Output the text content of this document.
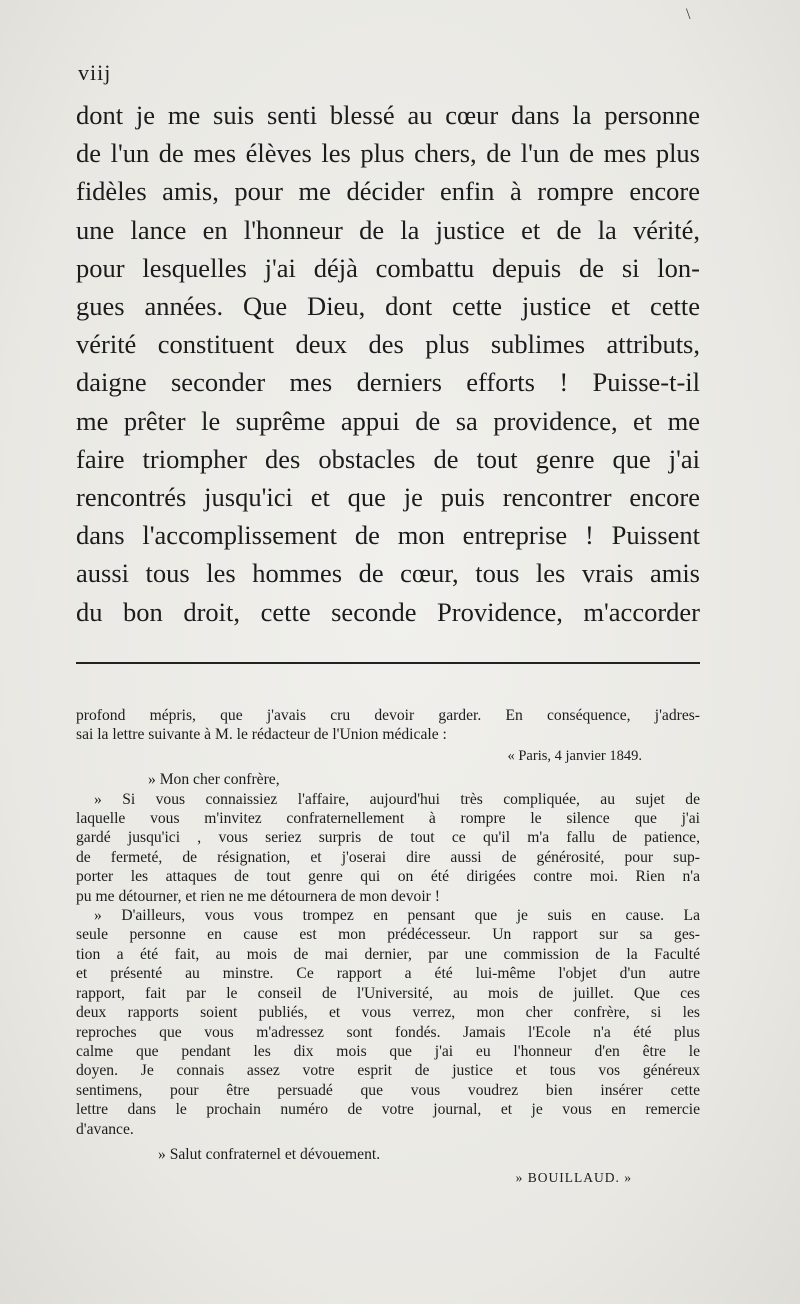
\
viij
dont je me suis senti blessé au cœur dans la personne
de l'un de mes élèves les plus chers, de l'un de mes plus
fidèles amis, pour me décider enfin à rompre encore
une lance en l'honneur de la justice et de la vérité,
pour lesquelles j'ai déjà combattu depuis de si lon-
gues années. Que Dieu, dont cette justice et cette
vérité constituent deux des plus sublimes attributs,
daigne seconder mes derniers efforts ! Puisse-t-il
me prêter le suprême appui de sa providence, et me
faire triompher des obstacles de tout genre que j'ai
rencontrés jusqu'ici et que je puis rencontrer encore
dans l'accomplissement de mon entreprise ! Puissent
aussi tous les hommes de cœur, tous les vrais amis
du bon droit, cette seconde Providence, m'accorder
profond mépris, que j'avais cru devoir garder. En conséquence, j'adres-
sai la lettre suivante à M. le rédacteur de l'Union médicale :
« Paris, 4 janvier 1849.
» Mon cher confrère,
» Si vous connaissiez l'affaire, aujourd'hui très compliquée, au sujet de
laquelle vous m'invitez confraternellement à rompre le silence que j'ai
gardé jusqu'ici , vous seriez surpris de tout ce qu'il m'a fallu de patience,
de fermeté, de résignation, et j'oserai dire aussi de générosité, pour sup-
porter les attaques de tout genre qui on été dirigées contre moi. Rien n'a
pu me détourner, et rien ne me détournera de mon devoir !
» D'ailleurs, vous vous trompez en pensant que je suis en cause. La
seule personne en cause est mon prédécesseur. Un rapport sur sa ges-
tion a été fait, au mois de mai dernier, par une commission de la Faculté
et présenté au minstre. Ce rapport a été lui-même l'objet d'un autre
rapport, fait par le conseil de l'Université, au mois de juillet. Que ces
deux rapports soient publiés, et vous verrez, mon cher confrère, si les
reproches que vous m'adressez sont fondés. Jamais l'Ecole n'a été plus
calme que pendant les dix mois que j'ai eu l'honneur d'en être le
doyen. Je connais assez votre esprit de justice et tous vos généreux
sentimens, pour être persuadé que vous voudrez bien insérer cette
lettre dans le prochain numéro de votre journal, et je vous en remercie
d'avance.
» Salut confraternel et dévouement.
» BOUILLAUD. »
